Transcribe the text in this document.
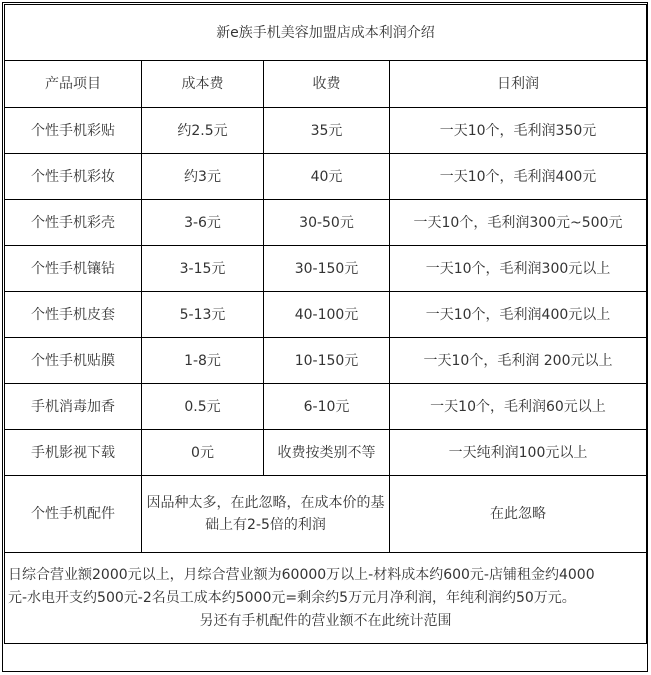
新e族手机美容加盟店成本利润介绍			
产品项目	成本费	收费	日利润
个性手机彩贴	约2.5元	35元	一天10个，毛利润350元
个性手机彩妆	约3元	40元	一天10个，毛利润400元
个性手机彩壳	3-6元	30-50元	一天10个，毛利润300元~500元
个性手机镶钻	3-15元	30-150元	一天10个，毛利润300元以上
个性手机皮套	5-13元	40-100元	一天10个，毛利润400元以上
个性手机贴膜	1-8元	10-150元	一天10个，毛利润 200元以上
手机消毒加香	0.5元	6-10元	一天10个，毛利润60元以上
手机影视下载	0元	收费按类别不等	一天纯利润100元以上
个性手机配件	因品种太多，在此忽略，在成本价的基础上有2-5倍的利润		在此忽略

日综合营业额2000元以上，月综合营业额为60000万以上-材料成本约600元-店铺租金约4000
元-水电开支约500元-2名员工成本约5000元=剩余约5万元月净利润，年纯利润约50万元。
另还有手机配件的营业额不在此统计范围			
